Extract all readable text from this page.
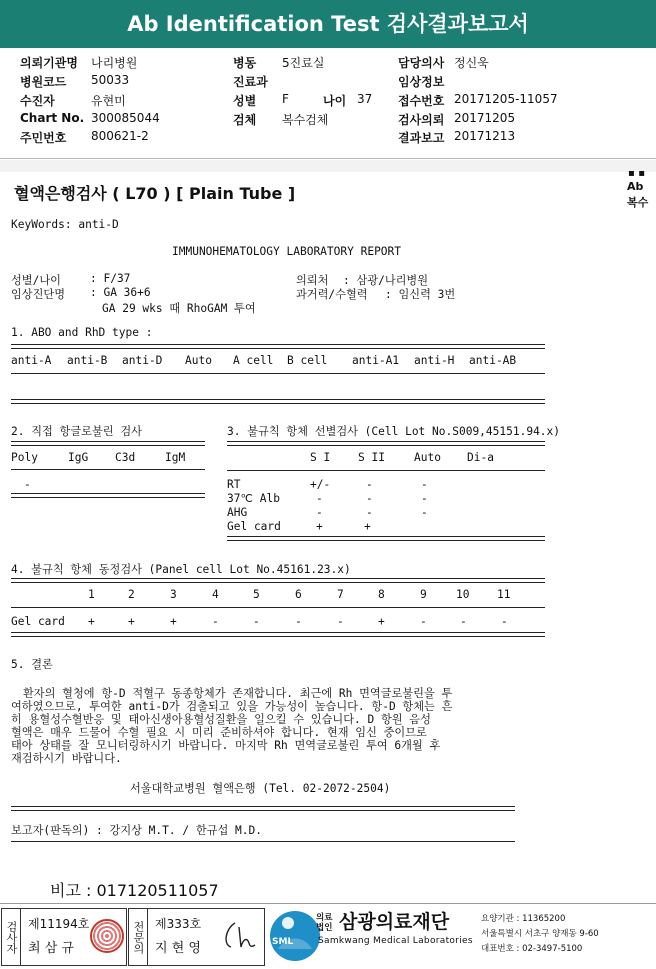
Ab Identification Test 검사결과보고서
의뢰기관명 나리병원
병원코드 50033
수진자	유현미
Chart No. 300085044
주민번호 800621-2
병동 5진료실
진료과
성별 F	나이 37
검체 복수검체
담당의사 정신욱
임상정보
접수번호 20171205-11057
검사의뢰 20171205
결과보고 20171213
혈액은행검사 ( L70 ) [ Plain Tube ]
▪ ▪
Ab
복수
KeyWords: anti-D
IMMUNOHEMATOLOGY LABORATORY REPORT
성별/나이	: F/37
임상진단명 : GA 36+6
GA 29 wks 때 RhoGAM 투여
의뢰처 : 삼광/나리병원
과거력/수혈력 : 임신력 3번
1. ABO and RhD type :
anti-A anti-B anti-D Auto A cell B cell anti-A1 anti-H anti-AB
2. 직접 항글로불린 검사
Poly	IgG C3d	IgM
-
3. 불규칙 항체 선별검사 (Cell Lot No.S009,45151.94.x)
S I S II	Auto Di-a
RT	+/-	-	-
37℃ Alb	-	-	-
AHG	-	-	-
Gel card	+	+
4. 불규칙 항체 동정검사 (Panel cell Lot No.45161.23.x)
1	2	3	4	5	6	7	8	9	10 11
Gel card +	+	+	-	-	-	-	+	-	-	-
5. 결론
환자의 혈청에 항-D 적혈구 동종항체가 존재합니다. 최근에 Rh 면역글로불린을 투
여하였으므로, 투여한 anti-D가 검출되고 있을 가능성이 높습니다. 항-D 항체는 흔
히 용혈성수혈반응 및 태아신생아용혈성질환을 일으킬 수 있습니다. D 항원 음성
혈액은 매우 드물어 수혈 필요 시 미리 준비하셔야 합니다. 현재 임신 중이므로
태아 상태를 잘 모니터링하시기 바랍니다. 마지막 Rh 면역글로불린 투여 6개월 후
재검하시기 바랍니다.
서울대학교병원 혈액은행 (Tel. 02-2072-2504)
보고자(판독의) : 강지상 M.T. / 한규섭 M.D.
비고 : 017120511057
검사자 제11194호
최 삼 규	전문의 제333호
지 현 영	SML
의료법인 삼광의료재단
Samkwang Medical Laboratories
요양기관 : 11365200
서울특별시 서초구 양재동 9-60
대표번호 : 02-3497-5100
